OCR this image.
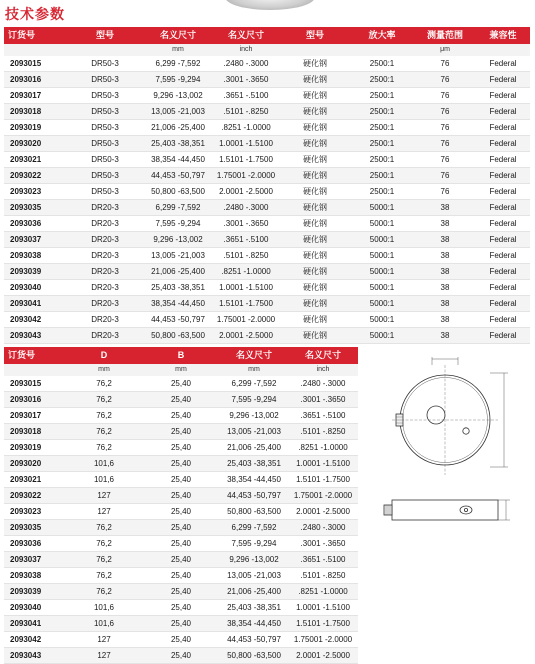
技术参数
订货号	型号	名义尺寸	名义尺寸	型号	放大率	测量范围	兼容性
		mm	inch			μm	
2093015	DR50-3	6,299 -7,592	.2480 -.3000	硬化钢	2500:1	76	Federal
2093016	DR50-3	7,595 -9,294	.3001 -.3650	硬化钢	2500:1	76	Federal
2093017	DR50-3	9,296 -13,002	.3651 -.5100	硬化钢	2500:1	76	Federal
2093018	DR50-3	13,005 -21,003	.5101 -.8250	硬化钢	2500:1	76	Federal
2093019	DR50-3	21,006 -25,400	.8251 -1.0000	硬化钢	2500:1	76	Federal
2093020	DR50-3	25,403 -38,351	1.0001 -1.5100	硬化钢	2500:1	76	Federal
2093021	DR50-3	38,354 -44,450	1.5101 -1.7500	硬化钢	2500:1	76	Federal
2093022	DR50-3	44,453 -50,797	1.75001 -2.0000	硬化钢	2500:1	76	Federal
2093023	DR50-3	50,800 -63,500	2.0001 -2.5000	硬化钢	2500:1	76	Federal
2093035	DR20-3	6,299 -7,592	.2480 -.3000	硬化钢	5000:1	38	Federal
2093036	DR20-3	7,595 -9,294	.3001 -.3650	硬化钢	5000:1	38	Federal
2093037	DR20-3	9,296 -13,002	.3651 -.5100	硬化钢	5000:1	38	Federal
2093038	DR20-3	13,005 -21,003	.5101 -.8250	硬化钢	5000:1	38	Federal
2093039	DR20-3	21,006 -25,400	.8251 -1.0000	硬化钢	5000:1	38	Federal
2093040	DR20-3	25,403 -38,351	1.0001 -1.5100	硬化钢	5000:1	38	Federal
2093041	DR20-3	38,354 -44,450	1.5101 -1.7500	硬化钢	5000:1	38	Federal
2093042	DR20-3	44,453 -50,797	1.75001 -2.0000	硬化钢	5000:1	38	Federal
2093043	DR20-3	50,800 -63,500	2.0001 -2.5000	硬化钢	5000:1	38	Federal
订货号	D	B	名义尺寸	名义尺寸
	mm	mm	mm	inch
2093015	76,2	25,40	6,299 -7,592	.2480 -.3000
2093016	76,2	25,40	7,595 -9,294	.3001 -.3650
2093017	76,2	25,40	9,296 -13,002	.3651 -.5100
2093018	76,2	25,40	13,005 -21,003	.5101 -.8250
2093019	76,2	25,40	21,006 -25,400	.8251 -1.0000
2093020	101,6	25,40	25,403 -38,351	1.0001 -1.5100
2093021	101,6	25,40	38,354 -44,450	1.5101 -1.7500
2093022	127	25,40	44,453 -50,797	1.75001 -2.0000
2093023	127	25,40	50,800 -63,500	2.0001 -2.5000
2093035	76,2	25,40	6,299 -7,592	.2480 -.3000
2093036	76,2	25,40	7,595 -9,294	.3001 -.3650
2093037	76,2	25,40	9,296 -13,002	.3651 -.5100
2093038	76,2	25,40	13,005 -21,003	.5101 -.8250
2093039	76,2	25,40	21,006 -25,400	.8251 -1.0000
2093040	101,6	25,40	25,403 -38,351	1.0001 -1.5100
2093041	101,6	25,40	38,354 -44,450	1.5101 -1.7500
2093042	127	25,40	44,453 -50,797	1.75001 -2.0000
2093043	127	25,40	50,800 -63,500	2.0001 -2.5000
